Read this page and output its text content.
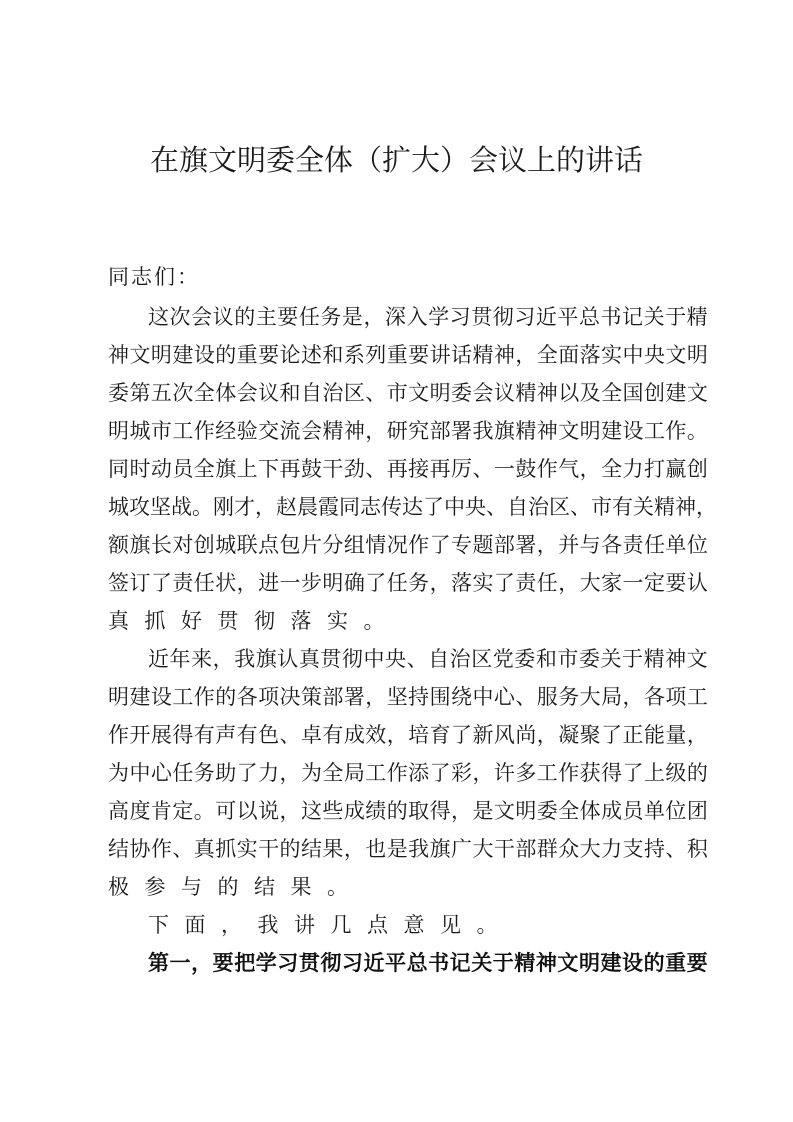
在旗文明委全体（扩大）会议上的讲话
同志们：
这 次 会 议 的 主 要 任 务 是 ， 深 入 学 习 贯 彻 习 近 平 总 书 记 关 于 精
神 文 明 建 设 的 重 要 论 述 和 系 列 重 要 讲 话 精 神 ， 全 面 落 实 中 央 文 明
委 第 五 次 全 体 会 议 和 自 治 区 、 市 文 明 委 会 议 精 神 以 及 全 国 创 建 文
明 城 市 工 作 经 验 交 流 会 精 神 ， 研 究 部 署 我 旗 精 神 文 明 建 设 工 作 。
同 时 动 员 全 旗 上 下 再 鼓 干 劲 、 再 接 再 厉 、 一 鼓 作 气 ， 全 力 打 赢 创
城 攻 坚 战 。 刚 才 ， 赵 晨 霞 同 志 传 达 了 中 央 、 自 治 区 、 市 有 关 精 神 ，
额 旗 长 对 创 城 联 点 包 片 分 组 情 况 作 了 专 题 部 署 ， 并 与 各 责 任 单 位
签 订 了 责 任 状 ， 进 一 步 明 确 了 任 务 ， 落 实 了 责 任 ， 大 家 一 定 要 认
真抓好贯彻落实。
近 年 来 ， 我 旗 认 真 贯 彻 中 央 、 自 治 区 党 委 和 市 委 关 于 精 神 文
明 建 设 工 作 的 各 项 决 策 部 署 ， 坚 持 围 绕 中 心 、 服 务 大 局 ， 各 项 工
作 开 展 得 有 声 有 色 、 卓 有 成 效 ， 培 育 了 新 风 尚 ， 凝 聚 了 正 能 量 ，
为 中 心 任 务 助 了 力 ， 为 全 局 工 作 添 了 彩 ， 许 多 工 作 获 得 了 上 级 的
高 度 肯 定 。 可 以 说 ， 这 些 成 绩 的 取 得 ， 是 文 明 委 全 体 成 员 单 位 团
结 协 作 、 真 抓 实 干 的 结 果 ， 也 是 我 旗 广 大 干 部 群 众 大 力 支 持 、 积
极参与的结果。
下面，我讲几点意见。
第 一 ， 要 把 学 习 贯 彻 习 近 平 总 书 记 关 于 精 神 文 明 建 设 的 重 要
